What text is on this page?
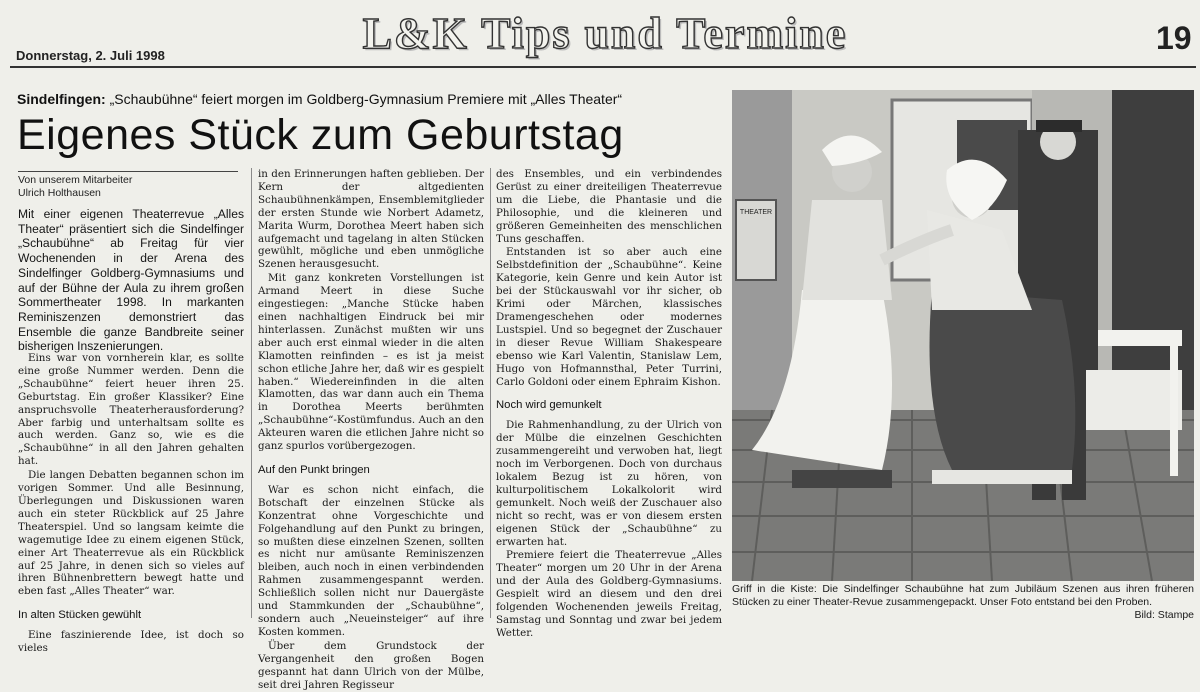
Donnerstag, 2. Juli 1998	L&K Tips und Termine	19
Sindelfingen: „Schaubühne“ feiert morgen im Goldberg-Gymnasium Premiere mit „Alles Theater“
Eigenes Stück zum Geburtstag
Von unserem Mitarbeiter
Ulrich Holthausen

Mit einer eigenen Theaterrevue „Alles Theater“ präsentiert sich die Sindelfinger „Schaubühne“ ab Freitag für vier Wochenenden in der Arena des Sindelfinger Goldberg-Gymnasiums und auf der Bühne der Aula zu ihrem großen Sommertheater 1998. In markanten Reminiszenzen demonstriert das Ensemble die ganze Bandbreite seiner bisherigen Inszenierungen.

Eins war von vornherein klar, es sollte eine große Nummer werden. Denn die „Schaubühne“ feiert heuer ihren 25. Geburtstag. Ein großer Klassiker? Eine anspruchsvolle Theaterherausforderung? Aber farbig und unterhaltsam sollte es auch werden. Ganz so, wie es die „Schaubühne“ in all den Jahren gehalten hat.

Die langen Debatten begannen schon im vorigen Sommer. Und alle Besinnung, Überlegungen und Diskussionen waren auch ein steter Rückblick auf 25 Jahre Theaterspiel. Und so langsam keimte die wagemutige Idee zu einem eigenen Stück, einer Art Theaterrevue als ein Rückblick auf 25 Jahre, in denen sich so vieles auf ihren Bühnenbrettern bewegt hatte und eben fast „Alles Theater“ war.

In alten Stücken gewühlt

Eine faszinierende Idee, ist doch so vieles

in den Erinnerungen haften geblieben. Der Kern der altgedienten Schaubühnenkämpen, Ensemblemitglieder der ersten Stunde wie Norbert Adametz, Marita Wurm, Dorothea Meert haben sich aufgemacht und tagelang in alten Stücken gewühlt, mögliche und eben unmögliche Szenen herausgesucht.

Mit ganz konkreten Vorstellungen ist Armand Meert in diese Suche eingestiegen: „Manche Stücke haben einen nachhaltigen Eindruck bei mir hinterlassen. Zunächst mußten wir uns aber auch erst einmal wieder in die alten Klamotten reinfinden – es ist ja meist schon etliche Jahre her, daß wir es gespielt haben.“ Wiedereinfinden in die alten Klamotten, das war dann auch ein Thema in Dorothea Meerts berühmten „Schaubühne“-Kostümfundus. Auch an den Akteuren waren die etlichen Jahre nicht so ganz spurlos vorübergezogen.

Auf den Punkt bringen

War es schon nicht einfach, die Botschaft der einzelnen Stücke als Konzentrat ohne Vorgeschichte und Folgehandlung auf den Punkt zu bringen, so mußten diese einzelnen Szenen, sollten es nicht nur amüsante Reminiszenzen bleiben, auch noch in einen verbindenden Rahmen zusammengespannt werden. Schließlich sollen nicht nur Dauergäste und Stammkunden der „Schaubühne“, sondern auch „Neueinsteiger“ auf ihre Kosten kommen.

Über dem Grundstock der Vergangenheit den großen Bogen gespannt hat dann Ulrich von der Mülbe, seit drei Jahren Regisseur

des Ensembles, und ein verbindendes Gerüst zu einer dreiteiligen Theaterrevue um die Liebe, die Phantasie und die Philosophie, und die kleineren und größeren Gemeinheiten des menschlichen Tuns geschaffen.

Entstanden ist so aber auch eine Selbstdefinition der „Schaubühne“. Keine Kategorie, kein Genre und kein Autor ist bei der Stückauswahl vor ihr sicher, ob Krimi oder Märchen, klassisches Dramengeschehen oder modernes Lustspiel. Und so begegnet der Zuschauer in dieser Revue William Shakespeare ebenso wie Karl Valentin, Stanislaw Lem, Hugo von Hofmannsthal, Peter Turrini, Carlo Goldoni oder einem Ephraim Kishon.

Noch wird gemunkelt

Die Rahmenhandlung, zu der Ulrich von der Mülbe die einzelnen Geschichten zusammengereiht und verwoben hat, liegt noch im Verborgenen. Doch von durchaus lokalem Bezug ist zu hören, von kulturpolitischem Lokalkolorit wird gemunkelt. Noch weiß der Zuschauer also nicht so recht, was er von diesem ersten eigenen Stück der „Schaubühne“ zu erwarten hat.

Premiere feiert die Theaterrevue „Alles Theater“ morgen um 20 Uhr in der Arena und der Aula des Goldberg-Gymnasiums. Gespielt wird an diesem und den drei folgenden Wochenenden jeweils Freitag, Samstag und Sonntag und zwar bei jedem Wetter.

THEATER

Griff in die Kiste: Die Sindelfinger Schaubühne hat zum Jubiläum Szenen aus ihren früheren Stücken zu einer Theater-Revue zusammengepackt. Unser Foto entstand bei den Proben.

Bild: Stampe
